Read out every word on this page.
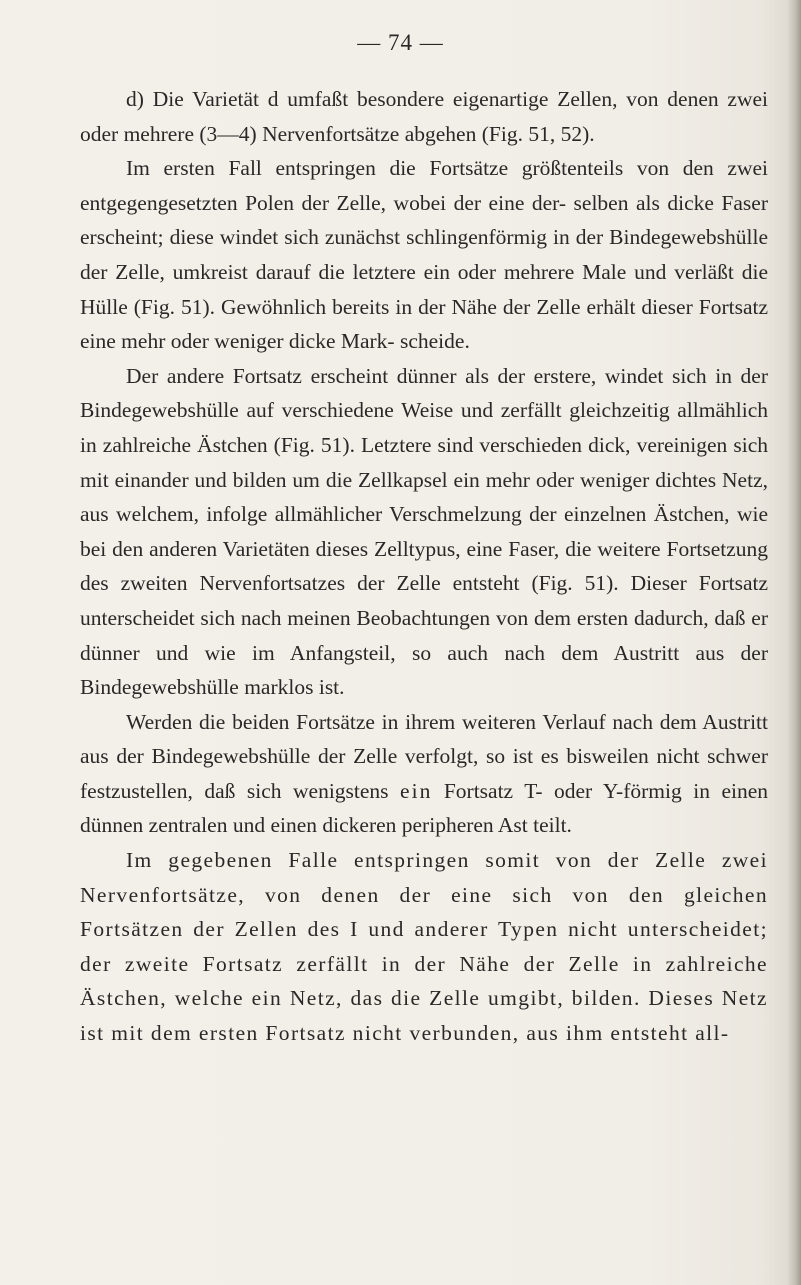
— 74 —

d) Die Varietät d umfaßt besondere eigenartige Zellen, von denen zwei oder mehrere (3—4) Nervenfortsätze abgehen (Fig. 51, 52).

Im ersten Fall entspringen die Fortsätze größtenteils von den zwei entgegengesetzten Polen der Zelle, wobei der eine der- selben als dicke Faser erscheint; diese windet sich zunächst schlingenförmig in der Bindegewebshülle der Zelle, umkreist darauf die letztere ein oder mehrere Male und verläßt die Hülle (Fig. 51). Gewöhnlich bereits in der Nähe der Zelle erhält dieser Fortsatz eine mehr oder weniger dicke Mark- scheide.

Der andere Fortsatz erscheint dünner als der erstere, windet sich in der Bindegewebshülle auf verschiedene Weise und zerfällt gleichzeitig allmählich in zahlreiche Ästchen (Fig. 51). Letztere sind verschieden dick, vereinigen sich mit einander und bilden um die Zellkapsel ein mehr oder weniger dichtes Netz, aus welchem, infolge allmählicher Verschmelzung der einzelnen Ästchen, wie bei den anderen Varietäten dieses Zelltypus, eine Faser, die weitere Fortsetzung des zweiten Nervenfortsatzes der Zelle entsteht (Fig. 51). Dieser Fortsatz unterscheidet sich nach meinen Beobachtungen von dem ersten dadurch, daß er dünner und wie im Anfangsteil, so auch nach dem Austritt aus der Bindegewebshülle marklos ist.

Werden die beiden Fortsätze in ihrem weiteren Verlauf nach dem Austritt aus der Bindegewebshülle der Zelle verfolgt, so ist es bisweilen nicht schwer festzustellen, daß sich wenigstens ein Fortsatz T- oder Y-förmig in einen dünnen zentralen und einen dickeren peripheren Ast teilt.

Im gegebenen Falle entspringen somit von der Zelle zwei Nervenfortsätze, von denen der eine sich von den gleichen Fortsätzen der Zellen des I und anderer Typen nicht unterscheidet; der zweite Fortsatz zerfällt in der Nähe der Zelle in zahlreiche Ästchen, welche ein Netz, das die Zelle umgibt, bilden. Dieses Netz ist mit dem ersten Fortsatz nicht verbunden, aus ihm entsteht all-
